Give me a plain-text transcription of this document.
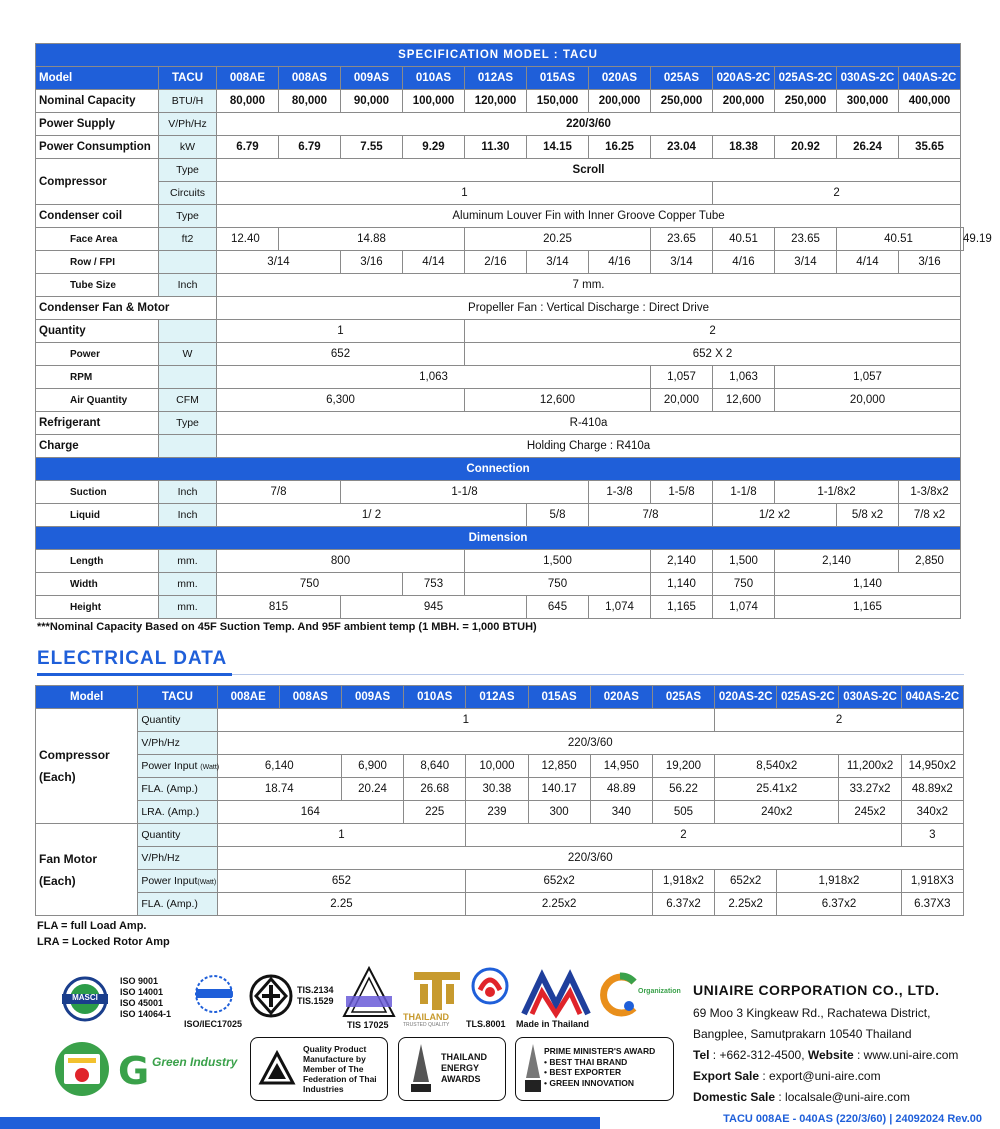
SPECIFICATION MODEL : TACU														
Model	TACU	008AE	008AS	009AS	010AS	012AS	015AS	020AS	025AS	020AS-2C	025AS-2C	030AS-2C	040AS-2C	
Nominal Capacity	BTU/H	80,000	80,000	90,000	100,000	120,000	150,000	200,000	250,000	200,000	250,000	300,000	400,000	
Power Supply	V/Ph/Hz	220/3/60												
Power Consumption	kW	6.79	6.79	7.55	9.29	11.30	14.15	16.25	23.04	18.38	20.92	26.24	35.65	
Compressor	Type	Scroll												
	Circuits	1								2				
Condenser coil	Type	Aluminum Louver Fin with Inner Groove Copper Tube												
Face Area	ft2	12.40	14.88			20.25			23.65	40.51	23.65	40.51		49.19
Row / FPI		3/14		3/16	4/14	2/16	3/14	4/16	3/14	4/16	3/14	4/14	3/16	
Tube Size	Inch	7 mm.												
Condenser Fan & Motor		Propeller Fan : Vertical Discharge : Direct Drive												
Quantity		1				2								
Power	W	652				652 X 2								
RPM		1,063							1,057	1,063	1,057			
Air Quantity	CFM	6,300				12,600			20,000	12,600	20,000			
Refrigerant	Type	R-410a												
Charge		Holding Charge : R410a												
Connection														
Suction	Inch	7/8		1-1/8				1-3/8	1-5/8	1-1/8	1-1/8x2		1-3/8x2	
Liquid	Inch	1/ 2					5/8	7/8		1/2 x2		5/8 x2	7/8 x2	
Dimension														
Length	mm.	800				1,500			2,140	1,500	2,140		2,850	
Width	mm.	750			753	750			1,140	750	1,140			
Height	mm.	815		945			645	1,074	1,165	1,074	1,165			
***Nominal Capacity Based on 45F Suction Temp. And 95F ambient temp (1 MBH. = 1,000 BTUH)
ELECTRICAL DATA
Model	TACU	008AE	008AS	009AS	010AS	012AS	015AS	020AS	025AS	020AS-2C	025AS-2C	030AS-2C	040AS-2C
Compressor
(Each)	Quantity	1								2			
	V/Ph/Hz	220/3/60											
	Power Input (Watt)	6,140		6,900	8,640	10,000	12,850	14,950	19,200	8,540x2		11,200x2	14,950x2
	FLA. (Amp.)	18.74		20.24	26.68	30.38	140.17	48.89	56.22	25.41x2		33.27x2	48.89x2
	LRA. (Amp.)	164			225	239	300	340	505	240x2		245x2	340x2
Fan Motor
(Each)	Quantity	1				2							3
	V/Ph/Hz	220/3/60											
	Power Input(Watt)	652				652x2			1,918x2	652x2	1,918x2		1,918X3
	FLA. (Amp.)	2.25				2.25x2			6.37x2	2.25x2	6.37x2		6.37X3
FLA = full Load Amp.
LRA = Locked Rotor Amp
MASCI
ISO 9001
ISO 14001
ISO 45001
ISO 14064-1
ISO/IEC17025
TIS.2134
TIS.1529
TIS 17025
THAILAND
TRUSTED QUALITY TLS.8001 Made in Thailand
Organization
G Green Industry
Quality Product Manufacture by Member of The Federation of Thai Industries
THAILAND ENERGY AWARDS
PRIME MINISTER'S AWARD
• BEST THAI BRAND
• BEST EXPORTER
• GREEN INNOVATION
UNIAIRE CORPORATION CO., LTD.
69 Moo 3 Kingkeaw Rd., Rachatewa District,
Bangplee, Samutprakarn 10540 Thailand
Tel : +662-312-4500, Website : www.uni-aire.com
Export Sale : export@uni-aire.com
Domestic Sale : localsale@uni-aire.com
TACU 008AE - 040AS (220/3/60) | 24092024 Rev.00
